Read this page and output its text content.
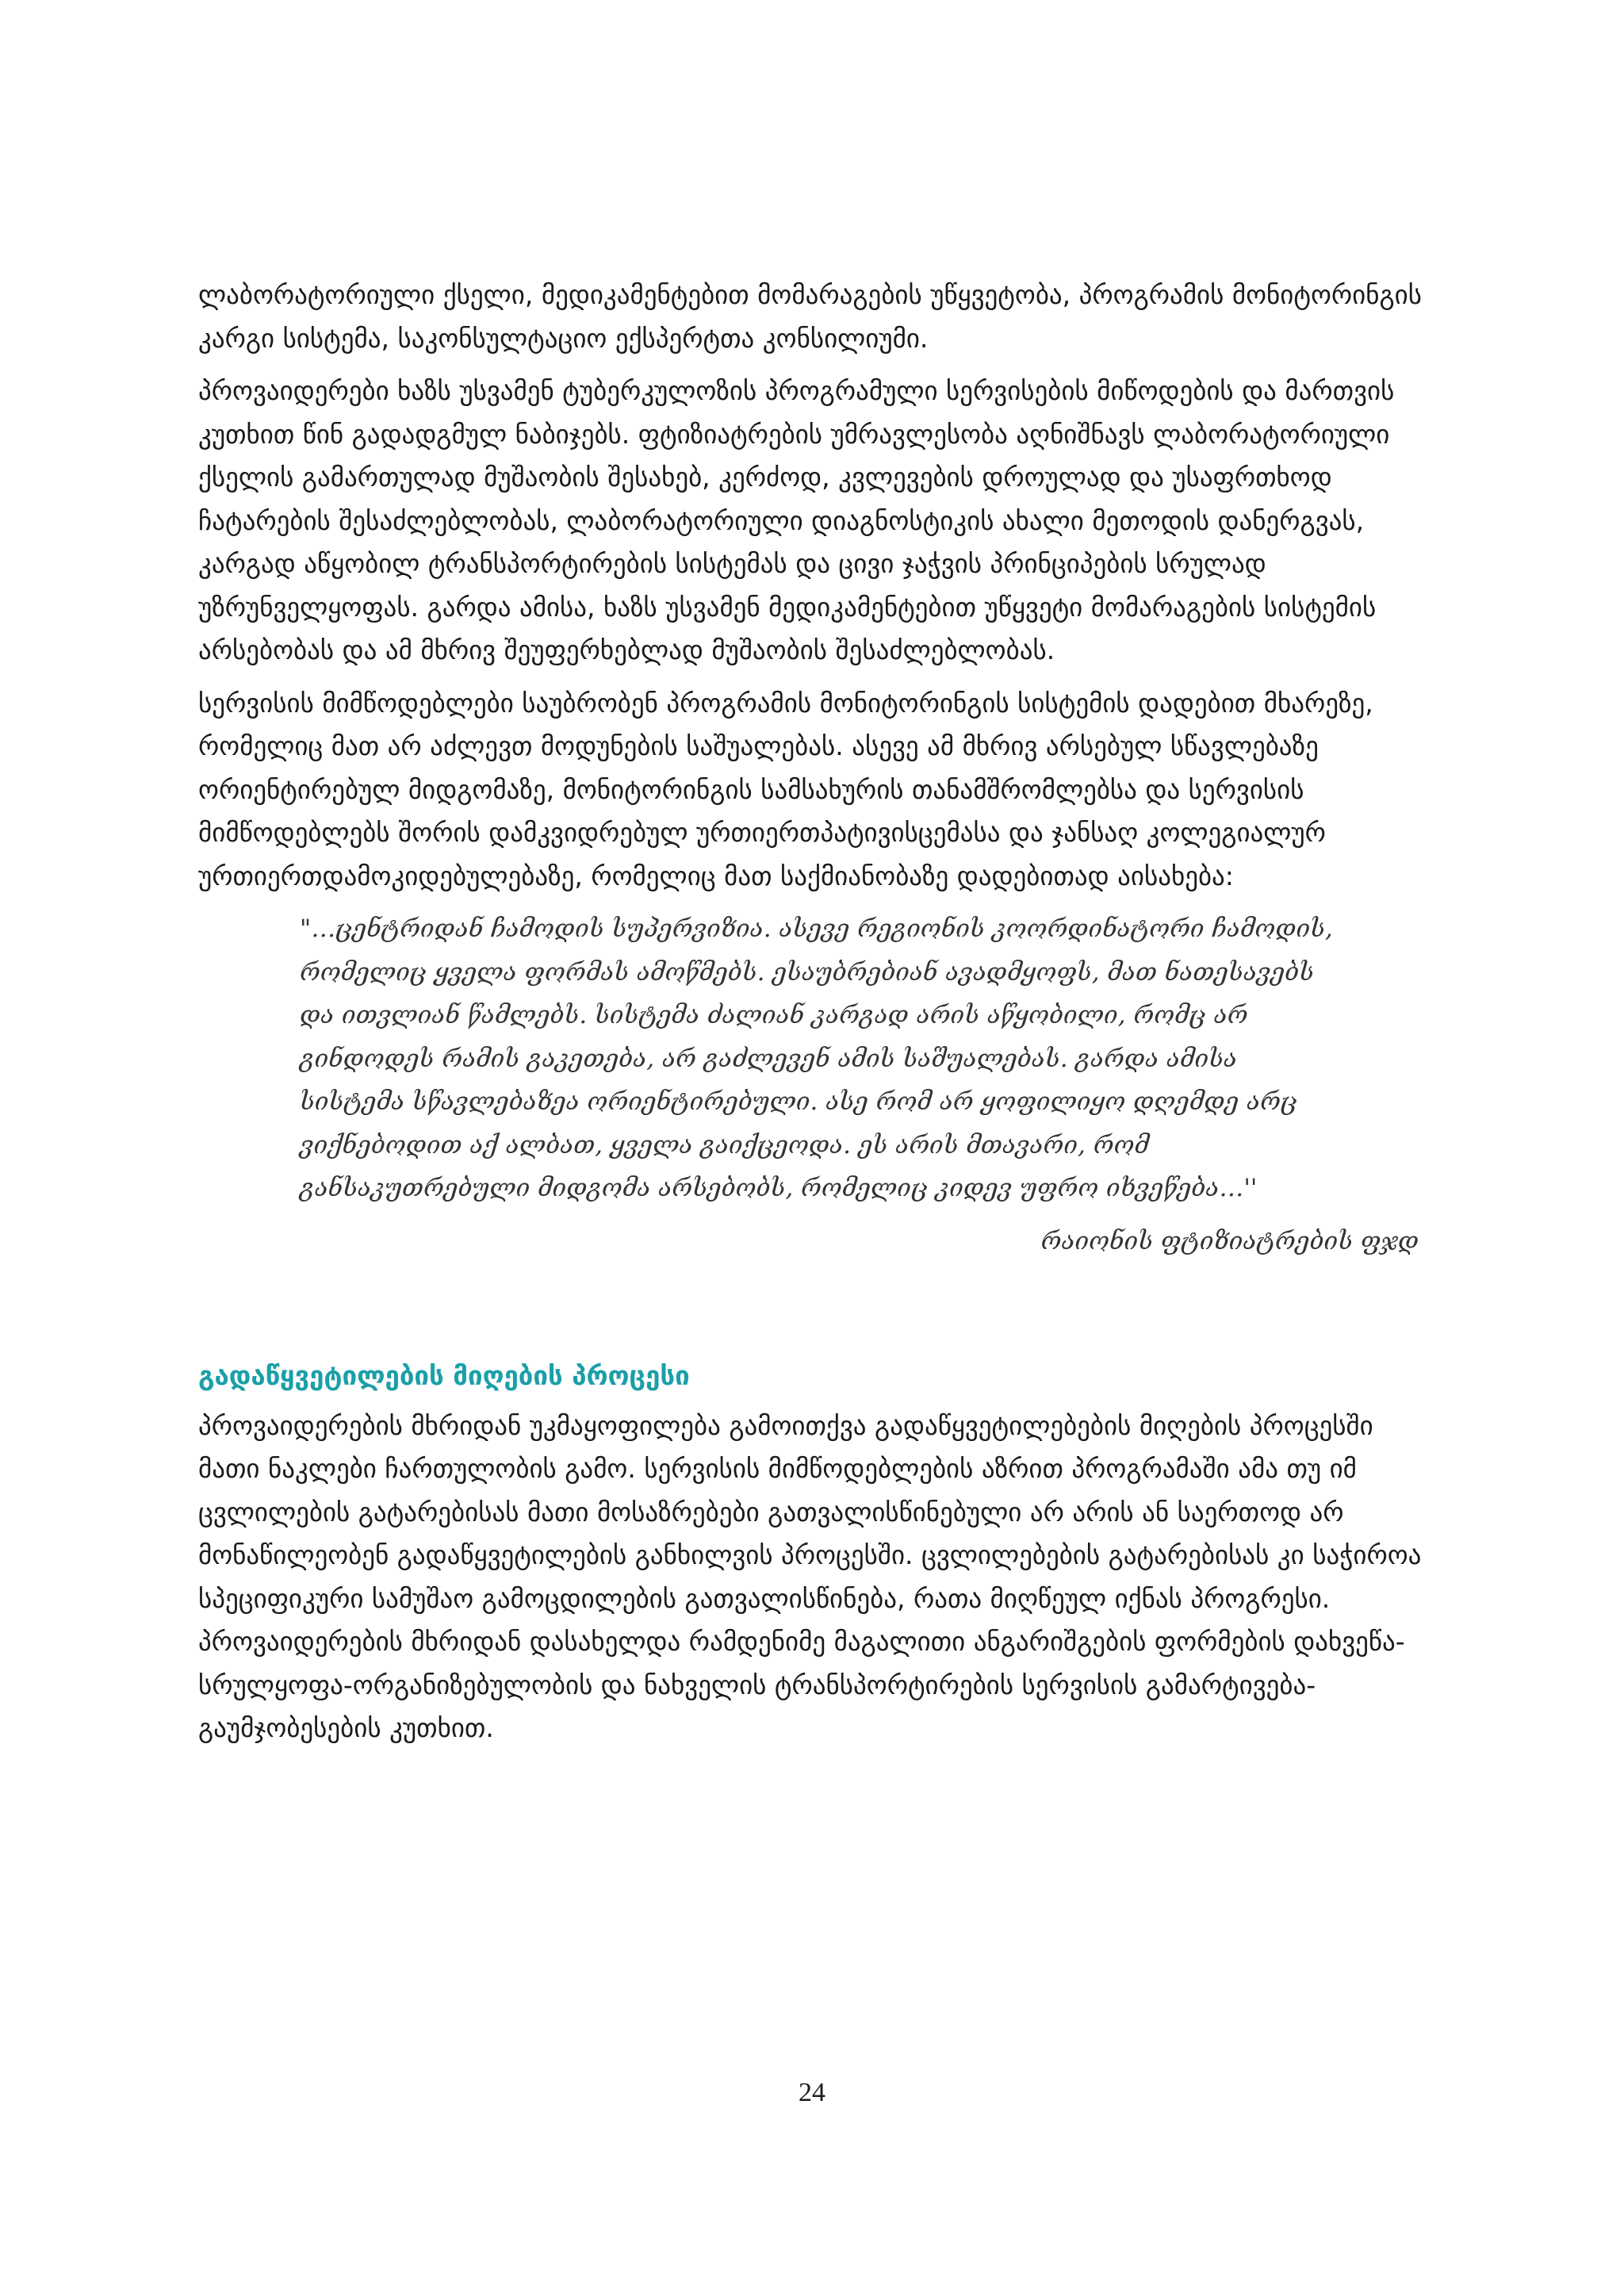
ლაბორატორიული ქსელი, მედიკამენტებით მომარაგების უწყვეტობა, პროგრამის მონიტორინგის კარგი სისტემა, საკონსულტაციო ექსპერტთა კონსილიუმი.

პროვაიდერები ხაზს უსვამენ ტუბერკულოზის პროგრამული სერვისების მიწოდების და მართვის კუთხით წინ გადადგმულ ნაბიჯებს. ფტიზიატრების უმრავლესობა აღნიშნავს ლაბორატორიული ქსელის გამართულად მუშაობის შესახებ, კერძოდ, კვლევების დროულად და უსაფრთხოდ ჩატარების შესაძლებლობას, ლაბორატორიული დიაგნოსტიკის ახალი მეთოდის დანერგვას, კარგად აწყობილ ტრანსპორტირების სისტემას და ცივი ჯაჭვის პრინციპების სრულად უზრუნველყოფას. გარდა ამისა, ხაზს უსვამენ მედიკამენტებით უწყვეტი მომარაგების სისტემის არსებობას და ამ მხრივ შეუფერხებლად მუშაობის შესაძლებლობას.

სერვისის მიმწოდებლები საუბრობენ პროგრამის მონიტორინგის სისტემის დადებით მხარეზე, რომელიც მათ არ აძლევთ მოდუნების საშუალებას. ასევე ამ მხრივ არსებულ სწავლებაზე ორიენტირებულ მიდგომაზე, მონიტორინგის სამსახურის თანამშრომლებსა და სერვისის მიმწოდებლებს შორის დამკვიდრებულ ურთიერთპატივისცემასა და ჯანსაღ კოლეგიალურ ურთიერთდამოკიდებულებაზე, რომელიც მათ საქმიანობაზე დადებითად აისახება:

"…ცენტრიდან ჩამოდის სუპერვიზია. ასევე რეგიონის კოორდინატორი ჩამოდის, რომელიც ყველა ფორმას ამოწმებს. ესაუბრებიან ავადმყოფს, მათ ნათესავებს და ითვლიან წამლებს. სისტემა ძალიან კარგად არის აწყობილი, რომც არ გინდოდეს რამის გაკეთება, არ გაძლევენ ამის საშუალებას. გარდა ამისა სისტემა სწავლებაზეა ორიენტირებული. ასე რომ არ ყოფილიყო დღემდე არც ვიქნებოდით აქ ალბათ, ყველა გაიქცეოდა. ეს არის მთავარი, რომ განსაკუთრებული მიდგომა არსებობს, რომელიც კიდევ უფრო იხვეწება…''
რაიონის ფტიზიატრების ფჯდ
გადაწყვეტილების მიღების პროცესი

პროვაიდერების მხრიდან უკმაყოფილება გამოითქვა გადაწყვეტილებების მიღების პროცესში მათი ნაკლები ჩართულობის გამო. სერვისის მიმწოდებლების აზრით პროგრამაში ამა თუ იმ ცვლილების გატარებისას მათი მოსაზრებები გათვალისწინებული არ არის ან საერთოდ არ მონაწილეობენ გადაწყვეტილების განხილვის პროცესში. ცვლილებების გატარებისას კი საჭიროა სპეციფიკური სამუშაო გამოცდილების გათვალისწინება, რათა მიღწეულ იქნას პროგრესი. პროვაიდერების მხრიდან დასახელდა რამდენიმე მაგალითი ანგარიშგების ფორმების დახვეწა-სრულყოფა-ორგანიზებულობის და ნახველის ტრანსპორტირების სერვისის გამარტივება-გაუმჯობესების კუთხით.

24
